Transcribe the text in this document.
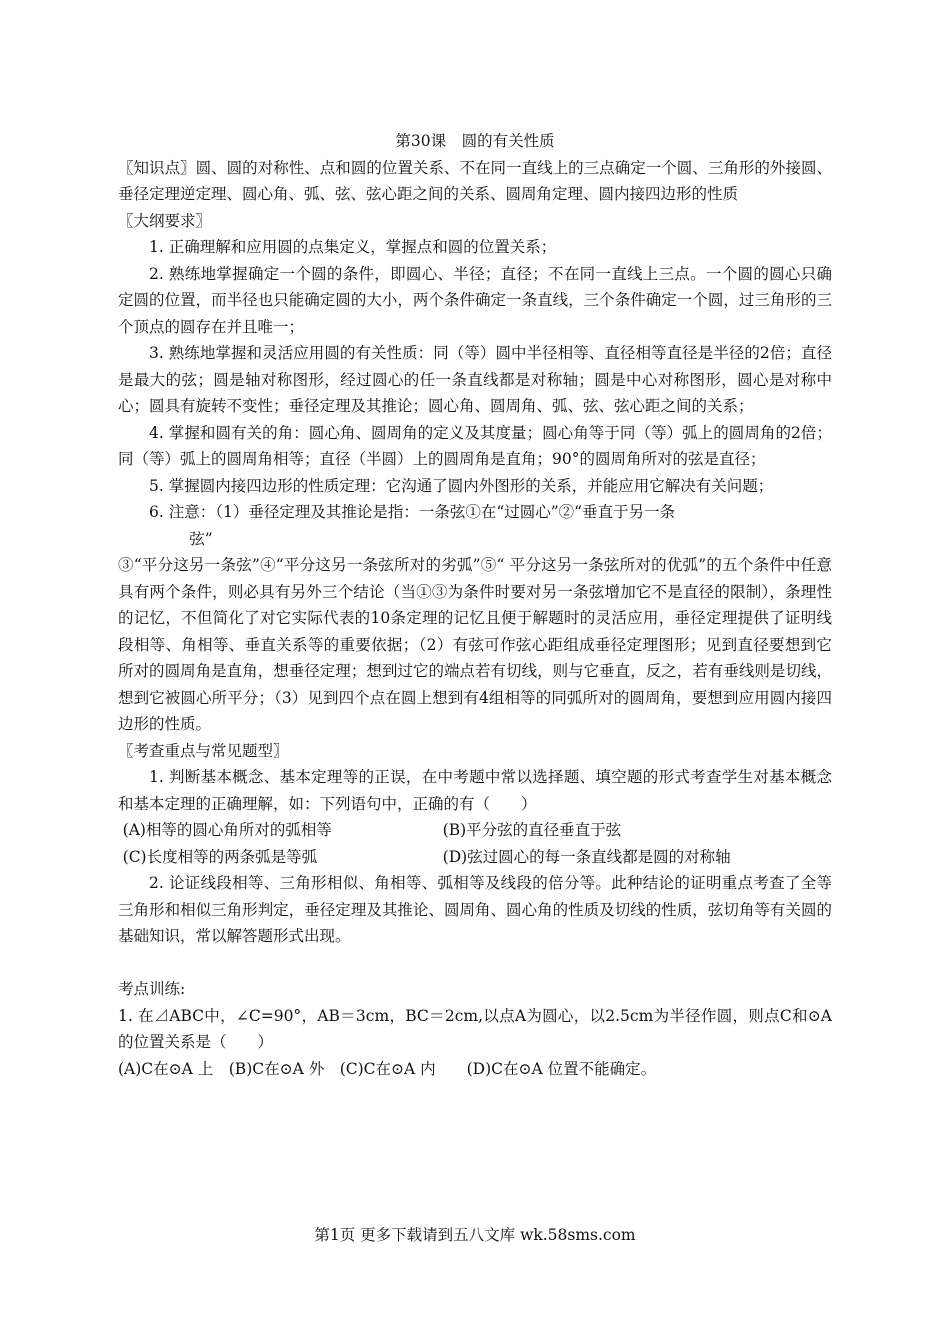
第30课　圆的有关性质

〖知识点〗圆、圆的对称性、点和圆的位置关系、不在同一直线上的三点确定一个圆、三角形的外接圆、垂径定理逆定理、圆心角、弧、弦、弦心距之间的关系、圆周角定理、圆内接四边形的性质

〖大纲要求〗

1. 正确理解和应用圆的点集定义，掌握点和圆的位置关系；

2. 熟练地掌握确定一个圆的条件，即圆心、半径；直径；不在同一直线上三点。一个圆的圆心只确定圆的位置，而半径也只能确定圆的大小，两个条件确定一条直线，三个条件确定一个圆，过三角形的三个顶点的圆存在并且唯一；

3. 熟练地掌握和灵活应用圆的有关性质：同（等）圆中半径相等、直径相等直径是半径的2倍；直径是最大的弦；圆是轴对称图形，经过圆心的任一条直线都是对称轴；圆是中心对称图形，圆心是对称中心；圆具有旋转不变性；垂径定理及其推论；圆心角、圆周角、弧、弦、弦心距之间的关系；

4. 掌握和圆有关的角：圆心角、圆周角的定义及其度量；圆心角等于同（等）弧上的圆周角的2倍；同（等）弧上的圆周角相等；直径（半圆）上的圆周角是直角；90°的圆周角所对的弦是直径；

5. 掌握圆内接四边形的性质定理：它沟通了圆内外图形的关系，并能应用它解决有关问题；

6. 注意：（1）垂径定理及其推论是指：一条弦①在“过圆心”②“垂直于另一条
弦”

③“平分这另一条弦”④“平分这另一条弦所对的劣弧”⑤“ 平分这另一条弦所对的优弧”的五个条件中任意具有两个条件，则必具有另外三个结论（当①③为条件时要对另一条弦增加它不是直径的限制），条理性的记忆，不但简化了对它实际代表的10条定理的记忆且便于解题时的灵活应用，垂径定理提供了证明线段相等、角相等、垂直关系等的重要依据；（2）有弦可作弦心距组成垂径定理图形；见到直径要想到它所对的圆周角是直角，想垂径定理；想到过它的端点若有切线，则与它垂直，反之，若有垂线则是切线，想到它被圆心所平分；（3）见到四个点在圆上想到有4组相等的同弧所对的圆周角，要想到应用圆内接四边形的性质。

〖考查重点与常见题型〗

1. 判断基本概念、基本定理等的正误，在中考题中常以选择题、填空题的形式考查学生对基本概念和基本定理的正确理解，如：下列语句中，正确的有（　　）

(A)相等的圆心角所对的弧相等	(B)平分弦的直径垂直于弦
(C)长度相等的两条弧是等弧	(D)弦过圆心的每一条直线都是圆的对称轴

2. 论证线段相等、三角形相似、角相等、弧相等及线段的倍分等。此种结论的证明重点考查了全等三角形和相似三角形判定，垂径定理及其推论、圆周角、圆心角的性质及切线的性质，弦切角等有关圆的基础知识，常以解答题形式出现。

考点训练:

1. 在⊿ABC中，∠C=90°，AB＝3cm，BC＝2cm,以点A为圆心，以2.5cm为半径作圆，则点C和⊙A的位置关系是（　　）

(A)C在⊙A 上　(B)C在⊙A 外　(C)C在⊙A 内　　(D)C在⊙A 位置不能确定。

第1页 更多下载请到五八文库 wk.58sms.com
